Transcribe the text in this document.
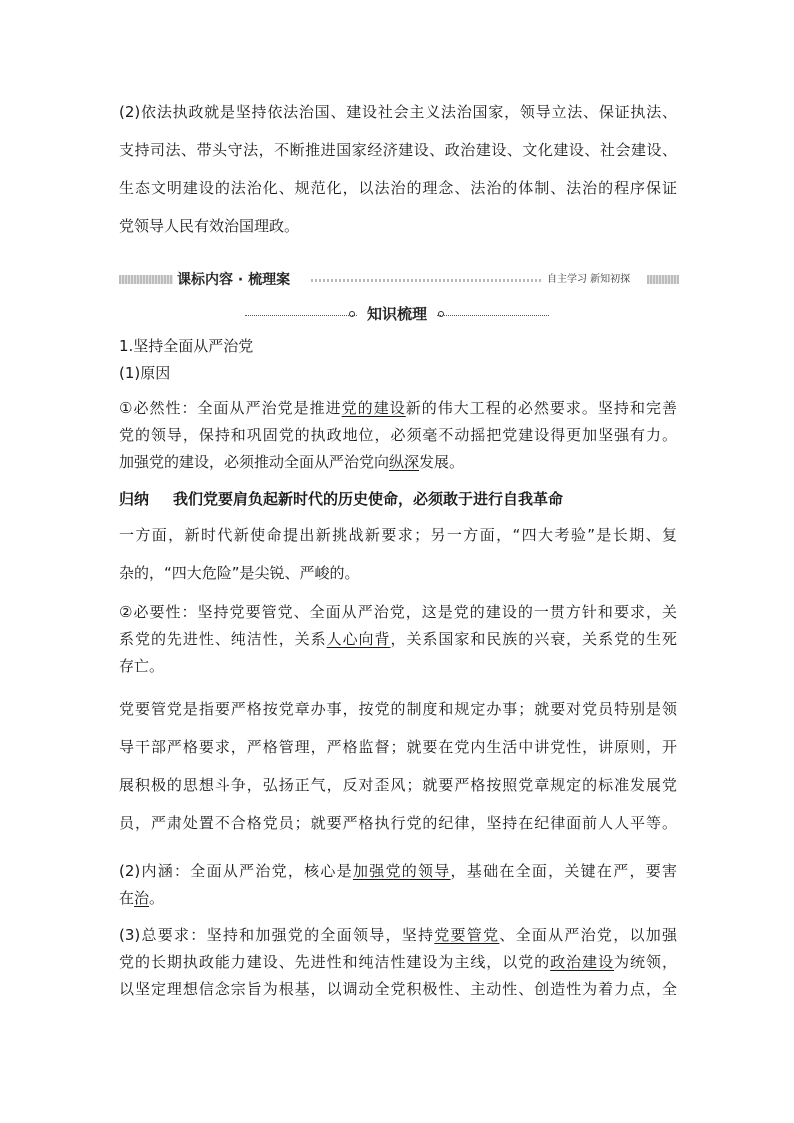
(2)依法执政就是坚持依法治国、建设社会主义法治国家，领导立法、保证执法、
支持司法、带头守法，不断推进国家经济建设、政治建设、文化建设、社会建设、
生态文明建设的法治化、规范化，以法治的理念、法治的体制、法治的程序保证
党领导人民有效治国理政。
课标内容 · 梳理案	自主学习 新知初探
知识梳理
1.坚持全面从严治党
(1)原因
①必然性：全面从严治党是推进党的建设新的伟大工程的必然要求。坚持和完善
党的领导，保持和巩固党的执政地位，必须毫不动摇把党建设得更加坚强有力。
加强党的建设，必须推动全面从严治党向纵深发展。
归纳 我们党要肩负起新时代的历史使命，必须敢于进行自我革命
一方面，新时代新使命提出新挑战新要求；另一方面，“四大考验”是长期、复
杂的，“四大危险”是尖锐、严峻的。
②必要性：坚持党要管党、全面从严治党，这是党的建设的一贯方针和要求，关
系党的先进性、纯洁性，关系人心向背，关系国家和民族的兴衰，关系党的生死
存亡。
党要管党是指要严格按党章办事，按党的制度和规定办事；就要对党员特别是领
导干部严格要求，严格管理，严格监督；就要在党内生活中讲党性，讲原则，开
展积极的思想斗争，弘扬正气，反对歪风；就要严格按照党章规定的标准发展党
员，严肃处置不合格党员；就要严格执行党的纪律，坚持在纪律面前人人平等。
(2)内涵：全面从严治党，核心是加强党的领导，基础在全面，关键在严，要害
在治。
(3)总要求：坚持和加强党的全面领导，坚持党要管党、全面从严治党，以加强
党的长期执政能力建设、先进性和纯洁性建设为主线，以党的政治建设为统领，
以坚定理想信念宗旨为根基，以调动全党积极性、主动性、创造性为着力点，全
